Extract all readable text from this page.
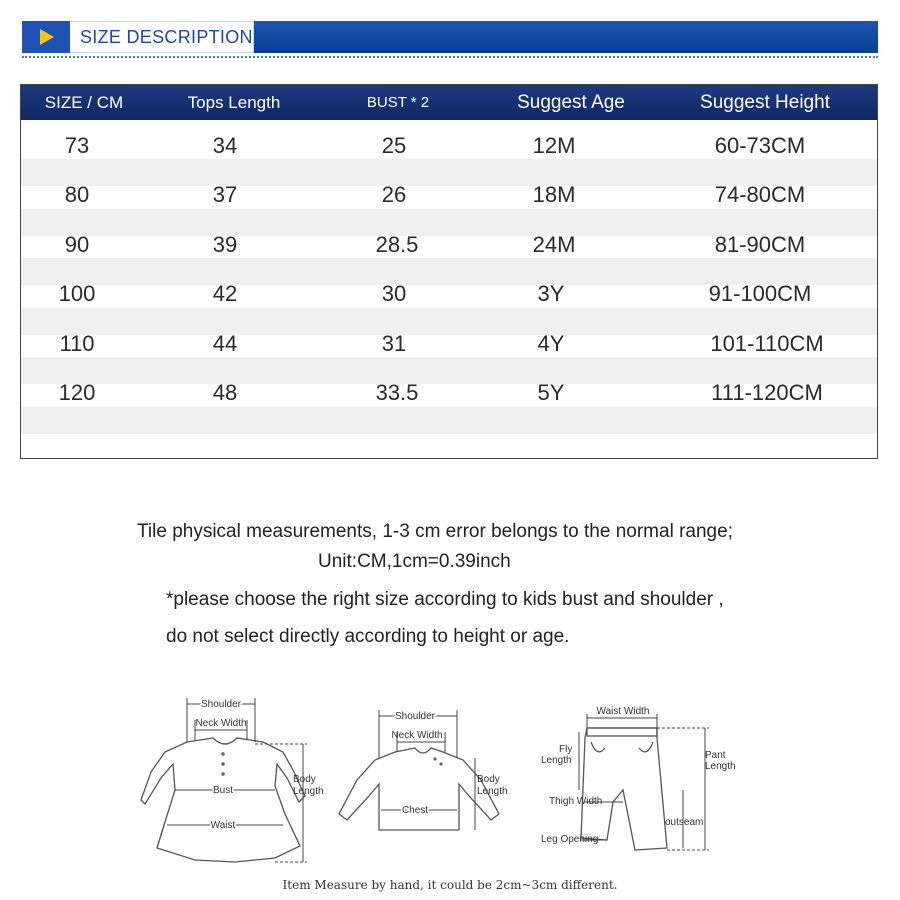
SIZE DESCRIPTION
SIZE / CM	Tops Length	BUST * 2	Suggest Age	Suggest Height
73	34	25	12M	60-73CM
80	37	26	18M	74-80CM
90	39	28.5	24M	81-90CM
100	42	30	3Y	91-100CM
110	44	31	4Y	101-110CM
120	48	33.5	5Y	111-120CM
Tile physical measurements, 1-3 cm error belongs to the normal range;
Unit:CM,1cm=0.39inch
*please choose the right size according to kids bust and shoulder ,
do not select directly according to height or age.
Shoulder
Neck Width
Bust
Waist
Body
Length
Shoulder
Neck Width
Chest
Body
Length
Waist Width
Fly
Length	Pant
Length
Thigh Width
outseam
Leg Opening
Item Measure by hand, it could be 2cm~3cm different.
